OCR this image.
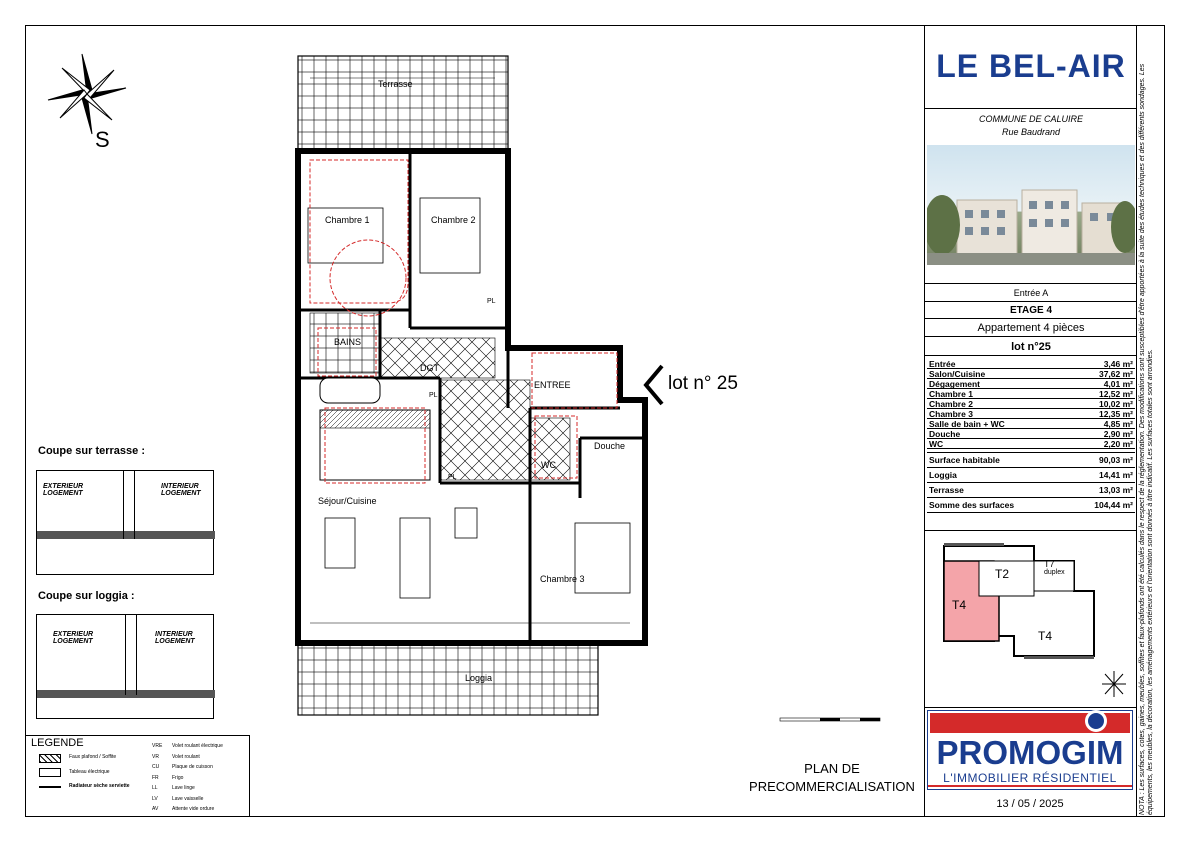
S
Terrasse
Chambre 1	Chambre 2
BAINS
DGT
ENTREE
WC
Douche
Séjour/Cuisine
Chambre 3
Loggia
PL
PL
PL
lot n° 25
Coupe sur terrasse :
EXTERIEUR LOGEMENT
INTERIEUR LOGEMENT
Coupe sur loggia :
EXTERIEUR LOGEMENT
INTERIEUR LOGEMENT
LEGENDE
Faux plafond / Soffite
Tableau électrique
Radiateur sèche serviette
VRE Volet roulant électrique
VR	Volet roulant
CU	Plaque de cuisson
FR	Frigo
LL	Lave linge
LV	Lave vaisselle
AV	Attente vide ordure
PLAN DE
PRECOMMERCIALISATION
LE BEL-AIR
COMMUNE DE CALUIRE
Rue Baudrand
Entrée A
ETAGE 4
Appartement 4 pièces
lot n°25
Entrée	3,46 m²
Salon/Cuisine	37,62 m²
Dégagement	4,01 m²
Chambre 1	12,52 m²
Chambre 2	10,02 m²
Chambre 3	12,35 m²
Salle de bain + WC	4,85 m²
Douche	2,90 m²
WC	2,20 m²
Surface habitable	90,03 m²
Loggia	14,41 m²
Terrasse	13,03 m²
Somme des surfaces	104,44 m²
T2
T7
duplex
T4
T4
PROMOGIM
L'IMMOBILIER RÉSIDENTIEL
13 / 05 / 2025	NOTA : Les surfaces, cotes, gaines, meubles, soffites et faux-plafonds ont été calculés dans le respect de la réglementation. Des modifications sont susceptibles d'être apportées à la suite des études techniques et des différents sondages. Les équipements, les meubles, la décoration, les aménagements extérieurs et l'orientation sont donnés à titre indicatif. Les surfaces totales sont arrondies.
